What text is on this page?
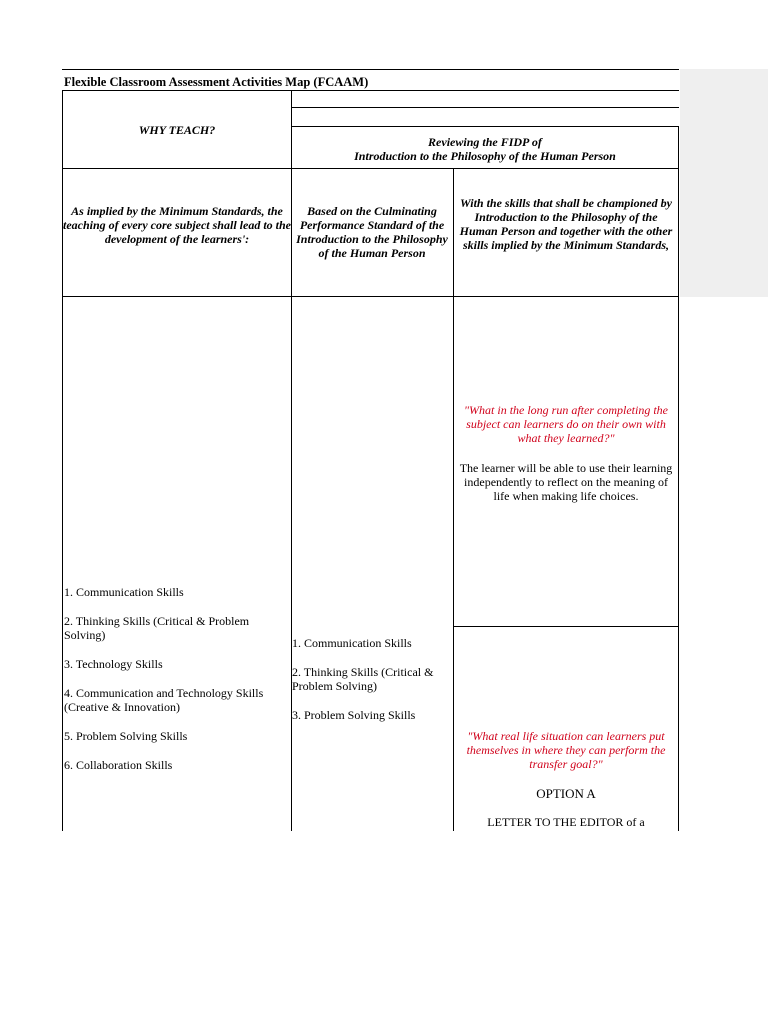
Flexible Classroom Assessment Activities Map (FCAAM)
WHY TEACH?
Reviewing the FIDP of
Introduction to the Philosophy of the Human Person
As implied by the Minimum Standards, the teaching of every core subject shall lead to the development of the learners':
Based on the Culminating Performance Standard of the Introduction to the Philosophy of the Human Person
With the skills that shall be championed by Introduction to the Philosophy of the Human Person and together with the other skills implied by the Minimum Standards,
1. Communication Skills
2. Thinking Skills (Critical & Problem Solving)
3. Technology Skills
4. Communication and Technology Skills (Creative & Innovation)
5. Problem Solving Skills
6. Collaboration Skills
1. Communication Skills
2. Thinking Skills (Critical & Problem Solving)
3. Problem Solving Skills
"What in the long run after completing the subject can learners do on their own with what they learned?"
The learner will be able to use their learning independently to reflect on the meaning of life when making life choices.
"What real life situation can learners put themselves in where they can perform the transfer goal?"
OPTION A
LETTER TO THE EDITOR of a
